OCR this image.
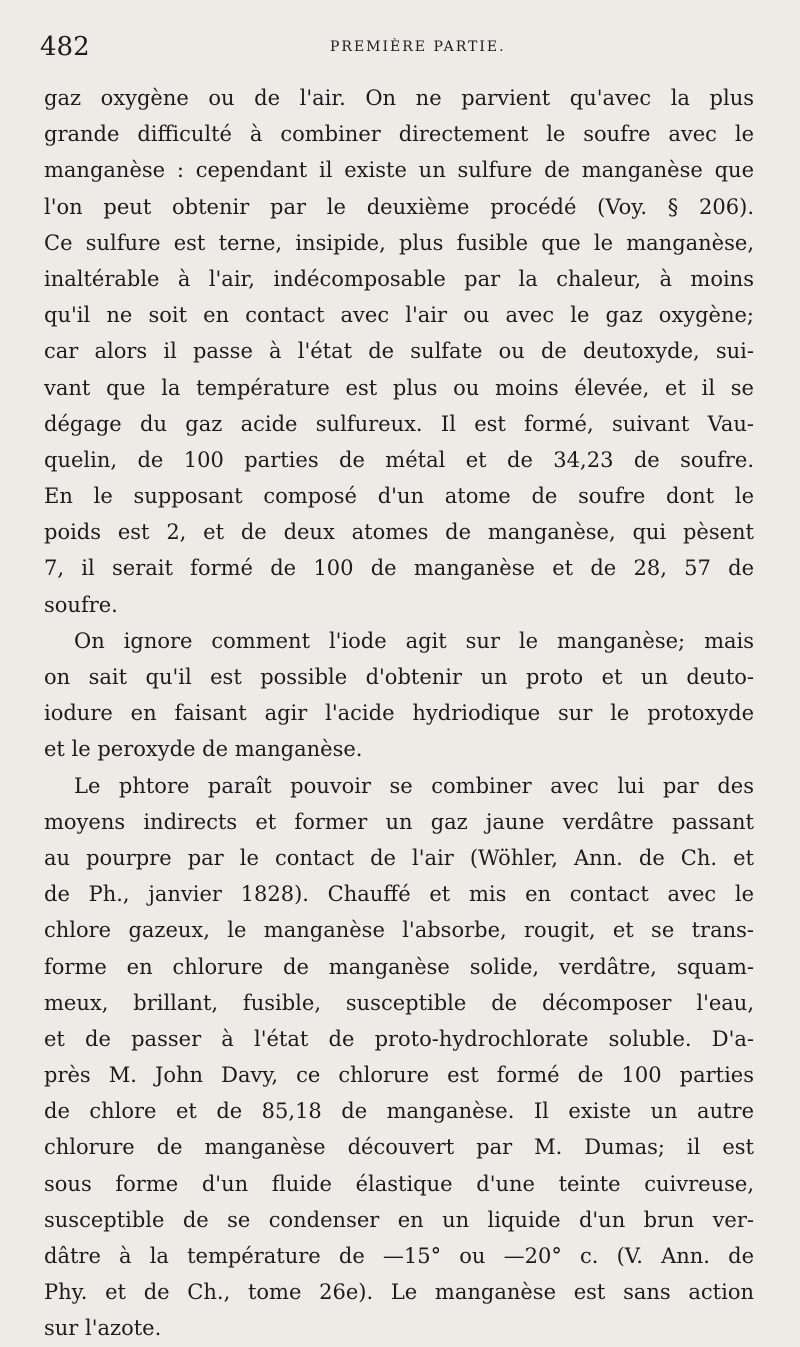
482	PREMIÈRE PARTIE.
gaz oxygène ou de l'air. On ne parvient qu'avec la plus
grande difficulté à combiner directement le soufre avec le
manganèse : cependant il existe un sulfure de manganèse que
l'on peut obtenir par le deuxième procédé (Voy. § 206).
Ce sulfure est terne, insipide, plus fusible que le manganèse,
inaltérable à l'air, indécomposable par la chaleur, à moins
qu'il ne soit en contact avec l'air ou avec le gaz oxygène;
car alors il passe à l'état de sulfate ou de deutoxyde, sui-
vant que la température est plus ou moins élevée, et il se
dégage du gaz acide sulfureux. Il est formé, suivant Vau-
quelin, de 100 parties de métal et de 34,23 de soufre.
En le supposant composé d'un atome de soufre dont le
poids est 2, et de deux atomes de manganèse, qui pèsent
7, il serait formé de 100 de manganèse et de 28, 57 de
soufre.
On ignore comment l'iode agit sur le manganèse; mais
on sait qu'il est possible d'obtenir un proto et un deuto-
iodure en faisant agir l'acide hydriodique sur le protoxyde
et le peroxyde de manganèse.
Le phtore paraît pouvoir se combiner avec lui par des
moyens indirects et former un gaz jaune verdâtre passant
au pourpre par le contact de l'air (Wöhler, Ann. de Ch. et
de Ph., janvier 1828). Chauffé et mis en contact avec le
chlore gazeux, le manganèse l'absorbe, rougit, et se trans-
forme en chlorure de manganèse solide, verdâtre, squam-
meux, brillant, fusible, susceptible de décomposer l'eau,
et de passer à l'état de proto-hydrochlorate soluble. D'a-
près M. John Davy, ce chlorure est formé de 100 parties
de chlore et de 85,18 de manganèse. Il existe un autre
chlorure de manganèse découvert par M. Dumas; il est
sous forme d'un fluide élastique d'une teinte cuivreuse,
susceptible de se condenser en un liquide d'un brun ver-
dâtre à la température de —15° ou —20° c. (V. Ann. de
Phy. et de Ch., tome 26e). Le manganèse est sans action
sur l'azote.
